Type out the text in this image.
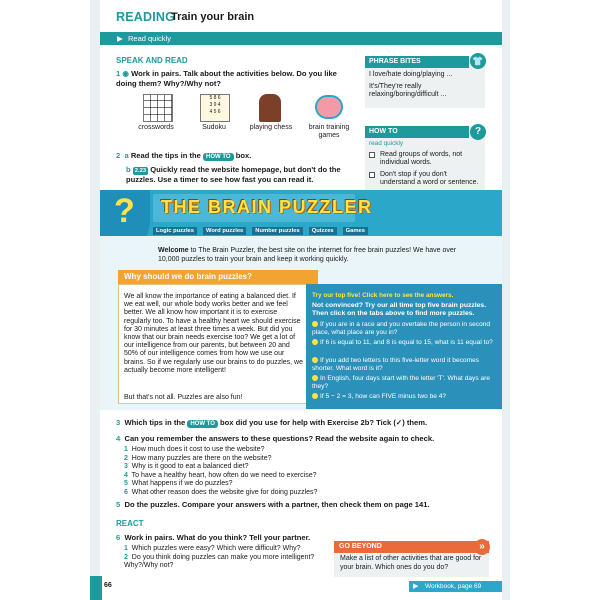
READING
Train your brain
▶ Read quickly
SPEAK AND READ
1 ◉ Work in pairs. Talk about the activities below. Do you like doing them? Why?/Why not?
5 8 6
3 9 4
4 5 6
crosswords	Sudoku	playing chess	brain training games
2 a Read the tips in the HOW TO box.
b 2.23 Quickly read the website homepage, but don't do the puzzles. Use a timer to see how fast you can read it.
PHRASE BITES	👕
I love/hate doing/playing ...
It's/They're really relaxing/boring/difficult ...
HOW TO	?
read quickly
Read groups of words, not individual words.
Don't stop if you don't understand a word or sentence.
? THE BRAIN PUZZLER
Logic puzzles Word puzzles Number puzzles Quizzes Games
Welcome to The Brain Puzzler, the best site on the internet for free brain puzzles! We have over 10,000 puzzles to train your brain and keep it working quickly.
Why should we do brain puzzles?
We all know the importance of eating a balanced diet. If we eat well, our whole body works better and we feel better. We all know how important it is to exercise regularly too. To have a healthy heart we should exercise for 30 minutes at least three times a week. But did you know that our brain needs exercise too? We get a lot of our intelligence from our parents, but between 20 and 50% of our intelligence comes from how we use our brains. So if we regularly use our brains to do puzzles, we actually become more intelligent!
But that's not all. Puzzles are also fun!
Try our top five! Click here to see the answers.
Not convinced? Try our all time top five brain puzzles. Then click on the tabs above to find more puzzles.
If you are in a race and you overtake the person in second place, what place are you in?
If 6 is equal to 11, and 8 is equal to 15, what is 11 equal to?
If you add two letters to this five-letter word it becomes shorter. What word is it?
In English, four days start with the letter 'T'. What days are they?
If 5 − 2 = 3, how can FIVE minus two be 4?
3 Which tips in the HOW TO box did you use for help with Exercise 2b? Tick (✓) them.
4 Can you remember the answers to these questions? Read the website again to check.
1 How much does it cost to use the website?
2 How many puzzles are there on the website?
3 Why is it good to eat a balanced diet?
4 To have a healthy heart, how often do we need to exercise?
5 What happens if we do puzzles?
6 What other reason does the website give for doing puzzles?
5 Do the puzzles. Compare your answers with a partner, then check them on page 141.
REACT
6 Work in pairs. What do you think? Tell your partner.
1 Which puzzles were easy? Which were difficult? Why?
2 Do you think doing puzzles can make you more intelligent? Why?/Why not?
GO BEYOND	»
Make a list of other activities that are good for your brain. Which ones do you do?
66	▶ Workbook, page 69
